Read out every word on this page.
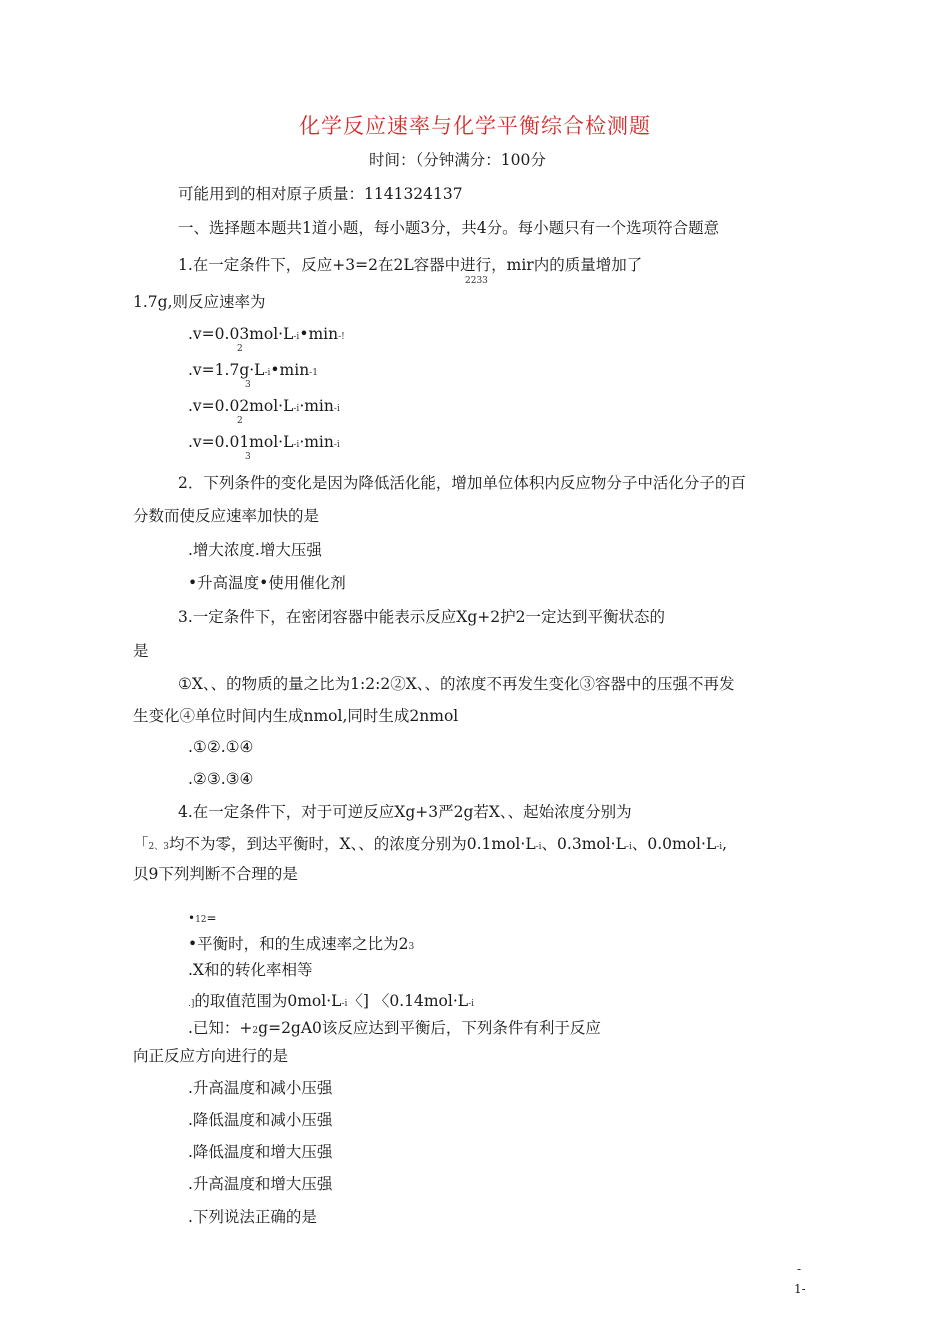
化学反应速率与化学平衡综合检测题
时间：（分钟满分：100分
可能用到的相对原子质量：1141324137
一、选择题本题共1道小题，每小题3分，共4分。每小题只有一个选项符合题意
1.在一定条件下，反应+3=2在2L容器中进行，mir内的质量增加了
2233
1.7g,则反应速率为
.v=0.03mol·L-i•min-!
2
.v=1.7g·L-i•min-1
3
.v=0.02mol·L-i·min-i
2
.v=0.01mol·L-i·min-i
3
2．下列条件的变化是因为降低活化能，增加单位体积内反应物分子中活化分子的百
分数而使反应速率加快的是
.增大浓度.增大压强
•升高温度•使用催化剂
3.一定条件下，在密闭容器中能表示反应Xg+2护2一定达到平衡状态的
是
①X、、的物质的量之比为1:2:2②X、、的浓度不再发生变化③容器中的压强不再发
生变化④单位时间内生成nmol,同时生成2nmol
.①②.①④
.②③.③④
4.在一定条件下，对于可逆反应Xg+3严2g若X、、起始浓度分别为
「2、3均不为零，到达平衡时，X、、的浓度分别为0.1mol·L-i、0.3mol·L-i、0.0mol·L-i,
贝9下列判断不合理的是
•12=
•平衡时，和的生成速率之比为23
.X和的转化率相等
.]的取值范围为0mol·L-i〈] 〈0.14mol·L-i
.已知：+2g=2gΑ0该反应达到平衡后，下列条件有利于反应
向正反应方向进行的是
.升高温度和减小压强
.降低温度和减小压强
.降低温度和增大压强
.升高温度和增大压强
.下列说法正确的是
-
1-
